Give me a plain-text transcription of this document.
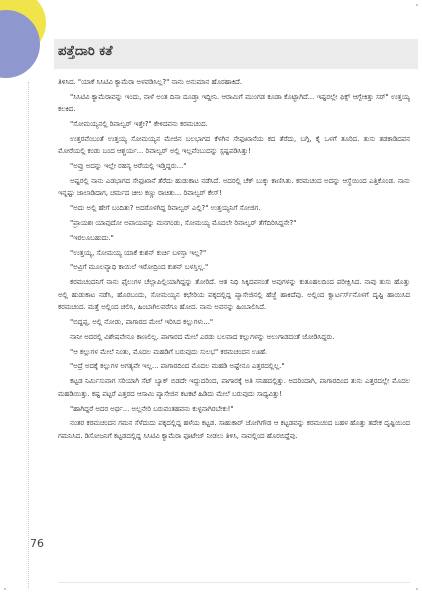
ಪತ್ತೆದಾರಿ ಕತೆ

ತಿಳಿಸಿದ. "ಯಾಕೆ ಸಿಸಿಟಿವಿ ಕ್ಯಾಮೆರಾ ಅಳವಡಿಸಿಲ್ಲ?" ನಾನು ಅನುಮಾನ ಹೊರಹಾಕಿದೆ.

"ಸಿಸಿಟಿವಿ ಕ್ಯಾಮೆರಾವನ್ನು ಇಂದು, ನಾಳೆ ಅಂತ ದಿನಾ ದೂಡ್ತಾ ಇದ್ದೀನಿ. ಆರಾಮಿಗೆ ಮುಂಗಡ ಕೂಡಾ ಕೊಟ್ಟಾಗಿದೆ... ಇಷ್ಟರಲ್ಲೇ ಫಿಕ್ಸ್ ಆಗ್ಬೇಕಿತ್ತು ಸರ್" ಉತ್ತಯ್ಯ ಕಲಕಿದ.

"ಸೋಮಯ್ಯನಲ್ಲಿ ರಿವಾಲ್ವರ್ ಇತ್ತೇ?" ಕೇಳಿದವನು ಕರಮಚಂದ.

ಉತ್ತರವೆಂಬಂತೆ ಉತ್ತಯ್ಯ ಸೋಮಯ್ಯನ ಮೇಜಿನ ಬಲಭಾಗದ ಕೆಳಗಿನ ಸೇಫುಖಾನೆಯ ಕದ ತೆರೆದು, ಬಗ್ಗಿ, ಕೈ ಒಳಗೆ ತೂರಿದ. ತುಸು ತಡಕಾಡಿದವನ ಮೋರೆಯಲ್ಲಿ ಕಂಡು ಬಂದ ಆಶ್ಚರ್ಯ... ರಿವಾಲ್ವರ್ ಅಲ್ಲಿ ಇಲ್ಲವೆಂಬುದನ್ನು ಸ್ಪಷ್ಟಪಡಿಸಿತ್ತು!

"ಅವ್ರು ಅದನ್ನು ಇಲ್ಲೇ ರಹಸ್ಯ ಅರೆಯಲ್ಲಿ ಇಡ್ತಿದ್ದರು..."

ಅಷ್ಟರಲ್ಲಿ ನಾನು ಎಡಭಾಗದ ಸೇಫುಖಾನೆ ತೆರೆದು ಹುಡುಕಾಟ ನಡೆಸಿದೆ. ಅದರಲ್ಲಿ ಚೆಕ್ ಬುಕ್ಕು ಕಾಣಿಸಿತು. ಕರಮಚಂದ ಅದನ್ನು ಆಸ್ಥೆಯಿಂದ ಎತ್ತಿಕೊಂಡ. ನಾನು ಇನ್ನಷ್ಟು ಜಾಲಾಡಿದಾಗ, ಚರ್ಮದ ಚೀಲ ಕಣ್ಣು ರಾಚಿತು... ರಿವಾಲ್ವರ್ ಕೇಸ್!

"ಅದು ಅಲ್ಲಿ ಹೇಗೆ ಬಂದಿತು? ಅದರೊಳಗಿದ್ದ ರಿವಾಲ್ವರ್ ಎಲ್ಲಿ?" ಉತ್ತಯ್ಯನಿಗೆ ಸೋಜಿಗ.

"ಪ್ರಾಯಶಃ ಯಾವುದೋ ಅಪಾಯವನ್ನು ಮನಗಂಡು, ಸೋಮಯ್ಯ ಮೊದಲೇ ರಿವಾಲ್ವರ್ ತೆಗೆದಿರಿಸಿದ್ದನೇ?"

"ಇರಲೂಬಹುದು."

"ಉತ್ತಯ್ಯ, ಸೋಮಯ್ಯ ಯಾಕೆ ಕುಶನ್ ಕುರ್ಚಿ ಬಳಸ್ತಾ ಇಲ್ಲ?"

"ಅವ್ರಿಗೆ ಮೂಲವ್ಯಾಧಿ ಕಾಯಿಲೆ ಇರೋದ್ರಿಂದ ಕುಶನ್ ಬಳಸ್ತಿಲ್ಲ."

ಕರಮಚಂದನಿಗೆ ನಾನು ಫೈಲುಗಳ ಚೆಲ್ಲಾಪಿಲ್ಲಿಯಾಗಿದ್ದನ್ನು ತೋರಿದೆ. ಆತ ನಿಧಿ ಸಿಕ್ಕಿದವನಂತೆ ಅವುಗಳನ್ನು ಕುತೂಹಲದಿಂದ ಪರೀಕ್ಷಿಸಿದ. ನಾವು ತುಸು ಹೊತ್ತು ಅಲ್ಲಿ ಹುಡುಕಾಟ ನಡೆಸಿ, ಹೊರಬಂದು, ಸೋಮಯ್ಯನ ಕಛೇರಿಯ ಪಕ್ಕದಲ್ಲಿದ್ದ ಪ್ಯಾಸೇಜಿನಲ್ಲಿ ಹೆಜ್ಜೆ ಹಾಕಿದೆವು. ಅಲ್ಲಿಂದ ಕ್ವಾರ್ಟರ್ಸ್‌ನೊಳಗೆ ದೃಷ್ಟಿ ಹಾಯಿಸಿದ ಕರಮಚಂದ. ಮತ್ತೆ ಅಲ್ಲಿಂದ ಚಲಿಸಿ, ಹಿಂಬಾಗಿಲವರೆಗೂ ಹೋದ. ನಾನು ಅವನನ್ನು ಹಿಂಬಾಲಿಸಿದೆ.

"ಬಿದ್ದಪ್ಪ, ಅಲ್ಲಿ ನೋಡು, ಪಾಗಾರದ ಮೇಲೆ ಇರಿಸಿದ ಕಲ್ಲುಗಳು..."

ನಾನೀ ಅದರಲ್ಲಿ ವಿಶೇಷವೇನೂ ಕಾಣಲಿಲ್ಲ. ಪಾಗಾರದ ಮೇಲೆ ಎರಡು ಬಲವಾದ ಕಲ್ಲುಗಳನ್ನು ಅಲುಗಾಡದಂತೆ ಜೋಡಿಸಿದ್ದರು.

"ಆ ಕಲ್ಲುಗಳ ಮೇಲೆ ನಿಂತು, ಮೊದಲ ಮಹಡಿಗೆ ಬರುವುದು ಸುಲಭ" ಕರಮಚಂದನ ಊಹೆ.

"ಅದ್ರೆ ಅದಕ್ಕೆ ಕಲ್ಲುಗಳ ಅಗತ್ಯವೇ ಇಲ್ಲ... ಪಾಗಾರದಿಂದ ಮೊದಲ ಮಹಡಿ ಅಷ್ಟೇನೂ ಎತ್ತರದಲ್ಲಿಲ್ಲ."

ಕಟ್ಟಡ ನಿರ್ಮಿಸುವಾಗ ಸರಿಯಾಗಿ ಸೆಟ್ ಬ್ಯಾಕ್ ಬಿಡದೇ ಇದ್ದುದರಿಂದ, ಪಾಗಾರಕ್ಕೆ ಅತಿ ಸನಿಹದಲ್ಲಿತ್ತು. ಅದರಿಂದಾಗಿ, ಪಾಗಾರದಿಂದ ತುಸು ಎತ್ತರದಲ್ಲೇ ಮೊದಲ ಮಹಡಿಯಿತ್ತು. ಕಷ್ಟ ಪಟ್ಟರೆ ಎತ್ತರದ ಆಸಾಮಿ ಪ್ಯಾಸೇಜಿನ ಕಟಕಟೆ ಹಿಡಿದು ಮೇಲೆ ಬರುವುದು ಸಾಧ್ಯವಿತ್ತು!

"ಹಾಗಿದ್ದರೆ ಅದರ ಅರ್ಥ... ಅಲ್ಲನೇರಿ ಬರುವಂತಹವನು ಕುಳ್ಳನಾಗಿರಬೇಕು!"

ನಂತರ ಕರಮಚಂದನ ಗಮನ ಸೆಳೆದುದು ಪಕ್ಕದಲ್ಲಿದ್ದ ಹಳೆಯ ಕಟ್ಟಡ. ಸಾಹುಕಾರ್ ಜೋಗಿಗೌಡ ಆ ಕಟ್ಟಡವನ್ನು ಕರಮಚಂದ ಬಹಳ ಹೊತ್ತು ತದೇಕ ದೃಷ್ಟಿಯಿಂದ ಗಮನಿಸಿದ. ಡಿಸೋಜನಿಗೆ ಕಟ್ಟಡದಲ್ಲಿದ್ದ ಸಿಸಿಟಿವಿ ಕ್ಯಾಮೆರಾ ಫೂಟೇಜ್ ನೀಡಲು ತಿಳಿಸಿ, ನಾವಲ್ಲಿಂದ ಹೊರಬಿದ್ದೆವು.

76
